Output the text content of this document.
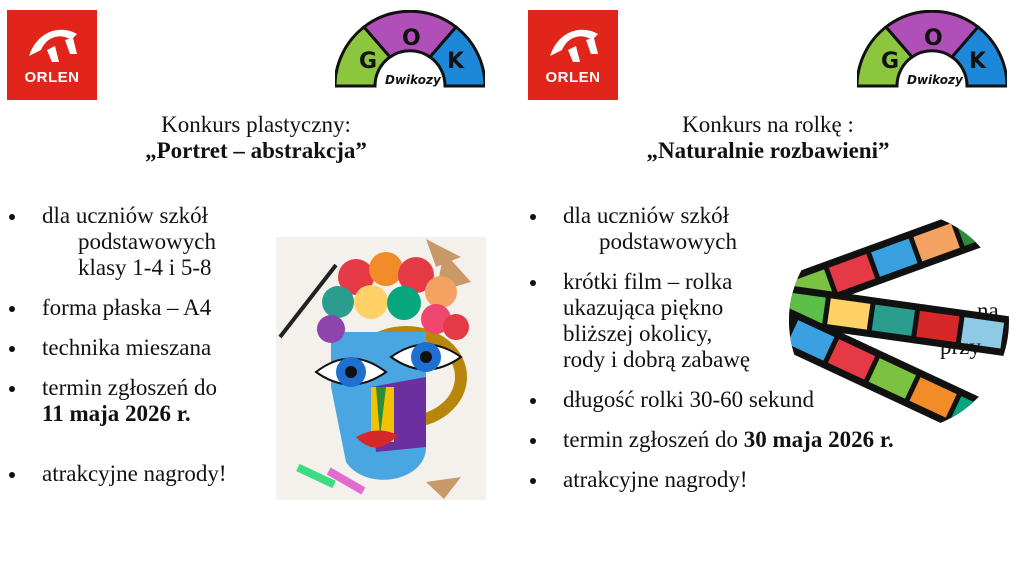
ORLEN
G
O
K
Dwikozy
Konkurs plastyczny:
„Portret – abstrakcja”
dla uczniów szkół
podstawowych
klasy 1-4 i 5-8
forma płaska – A4
technika mieszana
termin zgłoszeń do
11 maja 2026 r.
atrakcyjne nagrody!
ORLEN
G
O
K
Dwikozy
Konkurs na rolkę :
„Naturalnie rozbawieni”
na
przy
dla uczniów szkół
podstawowych
krótki film – rolka
ukazująca piękno
bliższej okolicy,
rody i dobrą zabawę
długość rolki 30-60 sekund
termin zgłoszeń do 30 maja 2026 r.
atrakcyjne nagrody!
